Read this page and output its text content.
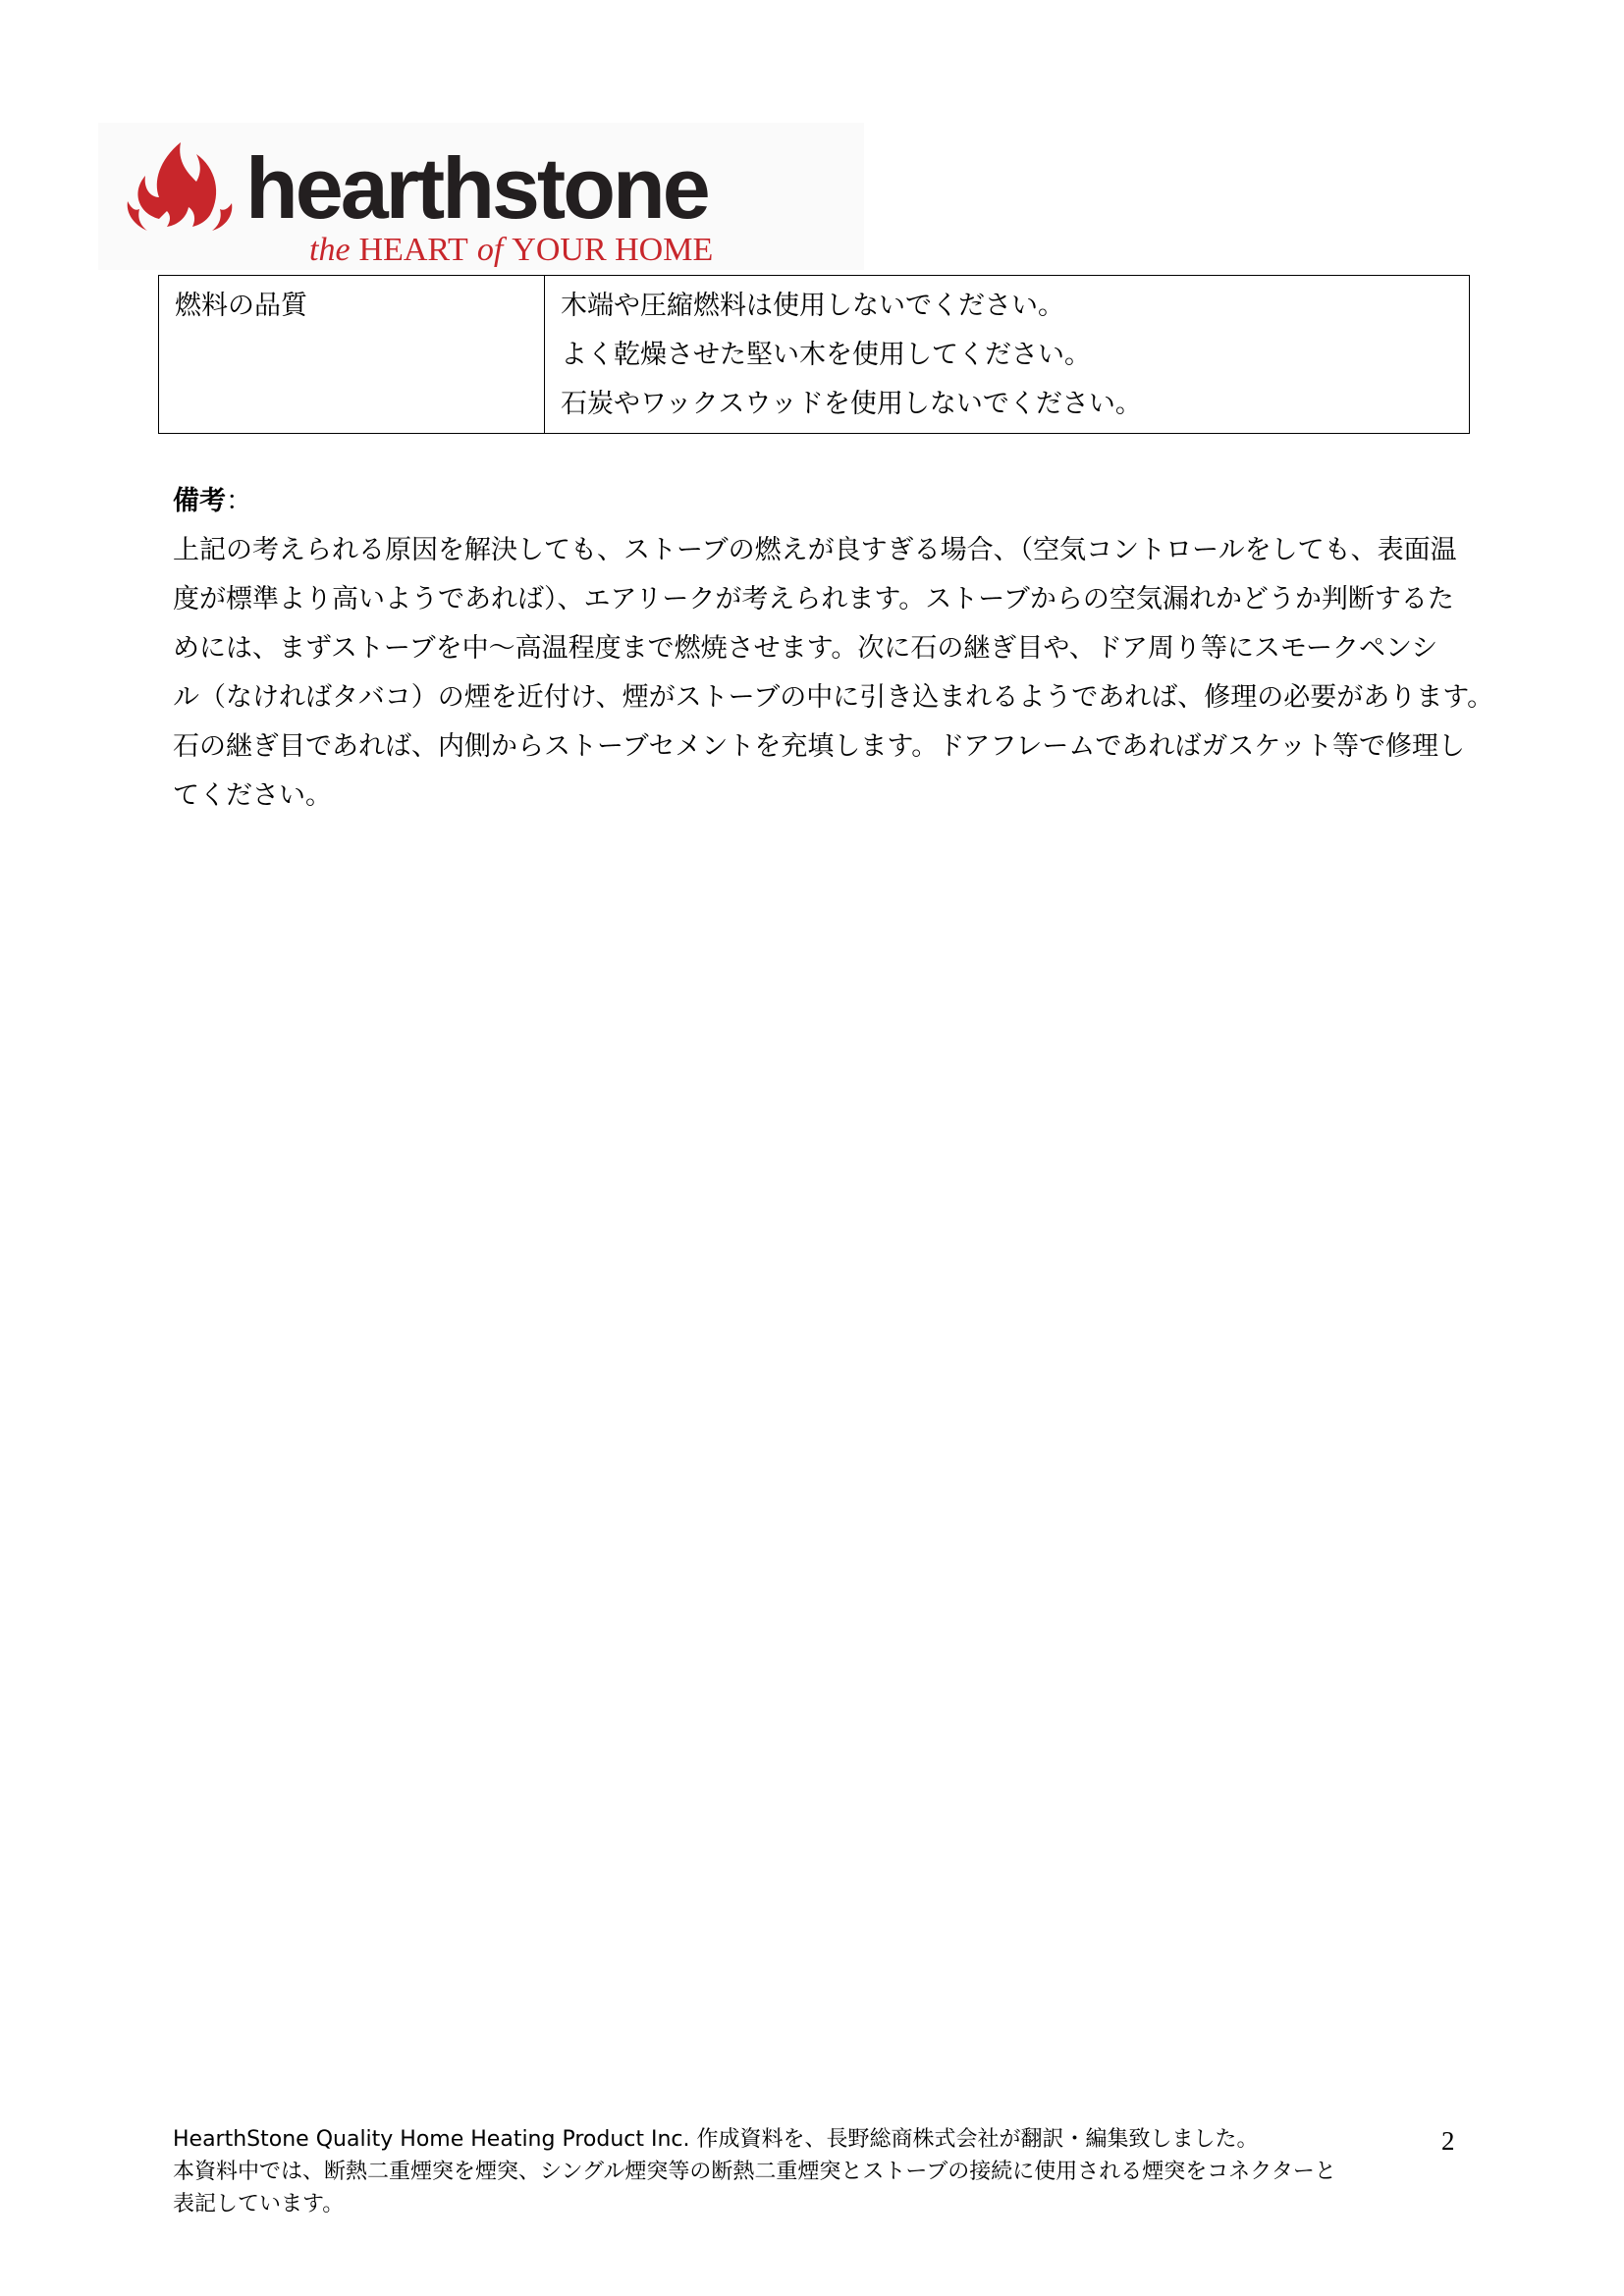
hearthstone
the HEART of YOUR HOME
燃料の品質	木端や圧縮燃料は使用しないでください。
よく乾燥させた堅い木を使用してください。
石炭やワックスウッドを使用しないでください。
備考：
上記の考えられる原因を解決しても、ストーブの燃えが良すぎる場合、（空気コントロールをしても、表面温
度が標準より高いようであれば）、エアリークが考えられます。ストーブからの空気漏れかどうか判断するた
めには、まずストーブを中～高温程度まで燃焼させます。次に石の継ぎ目や、ドア周り等にスモークペンシ
ル（なければタバコ）の煙を近付け、煙がストーブの中に引き込まれるようであれば、修理の必要があります。
石の継ぎ目であれば、内側からストーブセメントを充填します。ドアフレームであればガスケット等で修理し
てください。
HearthStone Quality Home Heating Product Inc. 作成資料を、長野総商株式会社が翻訳・編集致しました。
本資料中では、断熱二重煙突を煙突、シングル煙突等の断熱二重煙突とストーブの接続に使用される煙突をコネクターと
表記しています。
2
